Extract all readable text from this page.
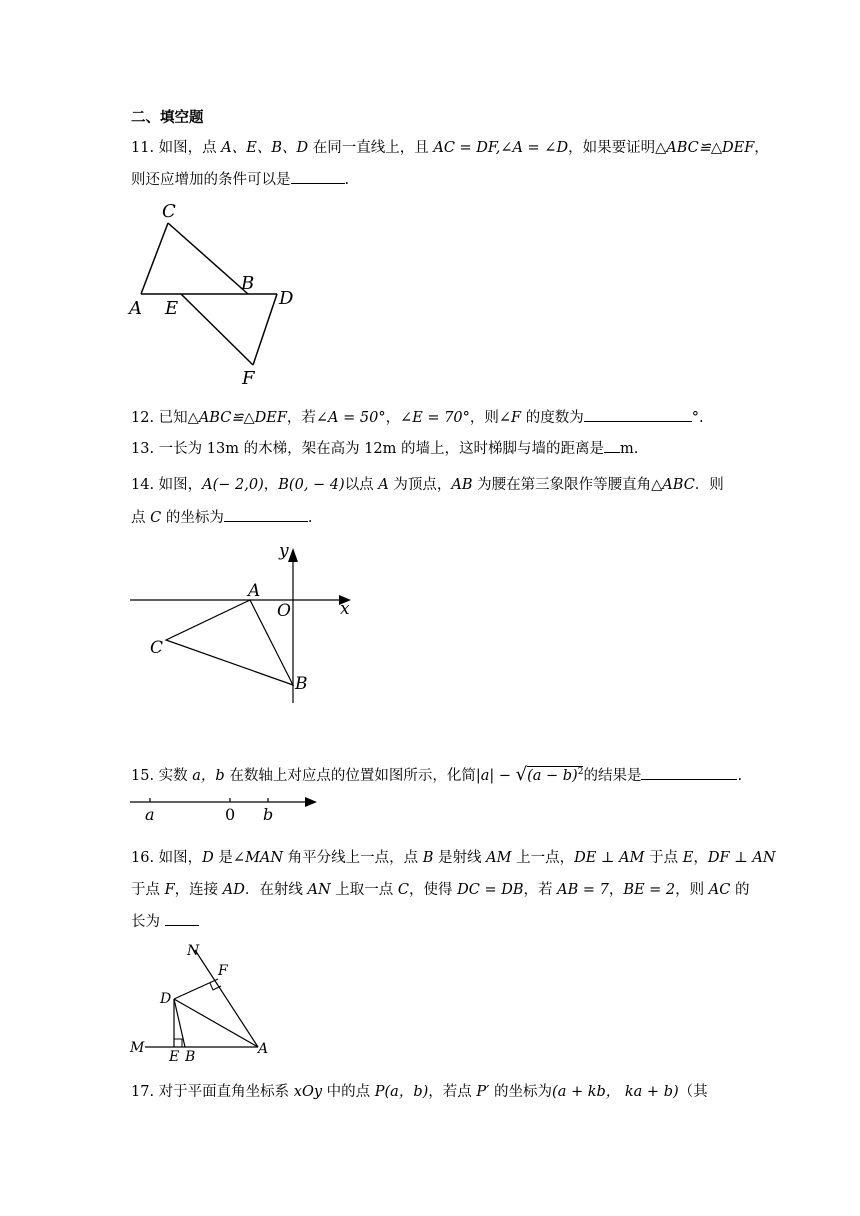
二、填空题
11. 如图，点 A、E、B、D 在同一直线上，且 AC = DF,∠A = ∠D，如果要证明△ABC≌△DEF，
则还应增加的条件可以是	.
C
B
A E	D
F
12. 已知△ABC≌△DEF，若∠A = 50°，∠E = 70°，则∠F 的度数为	°.
13. 一长为 13m 的木梯，架在高为 12m 的墙上，这时梯脚与墙的距离是 m.
14. 如图，A(− 2,0)，B(0, − 4)以点 A 为顶点，AB 为腰在第三象限作等腰直角△ABC．则
点 C 的坐标为	.
y
A
O	x
C
B
15. 实数 a，b 在数轴上对应点的位置如图所示，化简$|a| - √(a - b)^2$的结果是	.
a	0 b
16. 如图，D 是∠MAN 角平分线上一点，点 B 是射线 AM 上一点，DE ⊥ AM 于点 E，DF ⊥ AN
于点 F，连接 AD．在射线 AN 上取一点 C，使得 DC = DB，若 AB = 7，BE = 2，则 AC 的
长为
N
F
D
M
E B	A
17. 对于平面直角坐标系 xOy 中的点 P(a，b)，若点 P′ 的坐标为(a + kb， ka + b)（其
